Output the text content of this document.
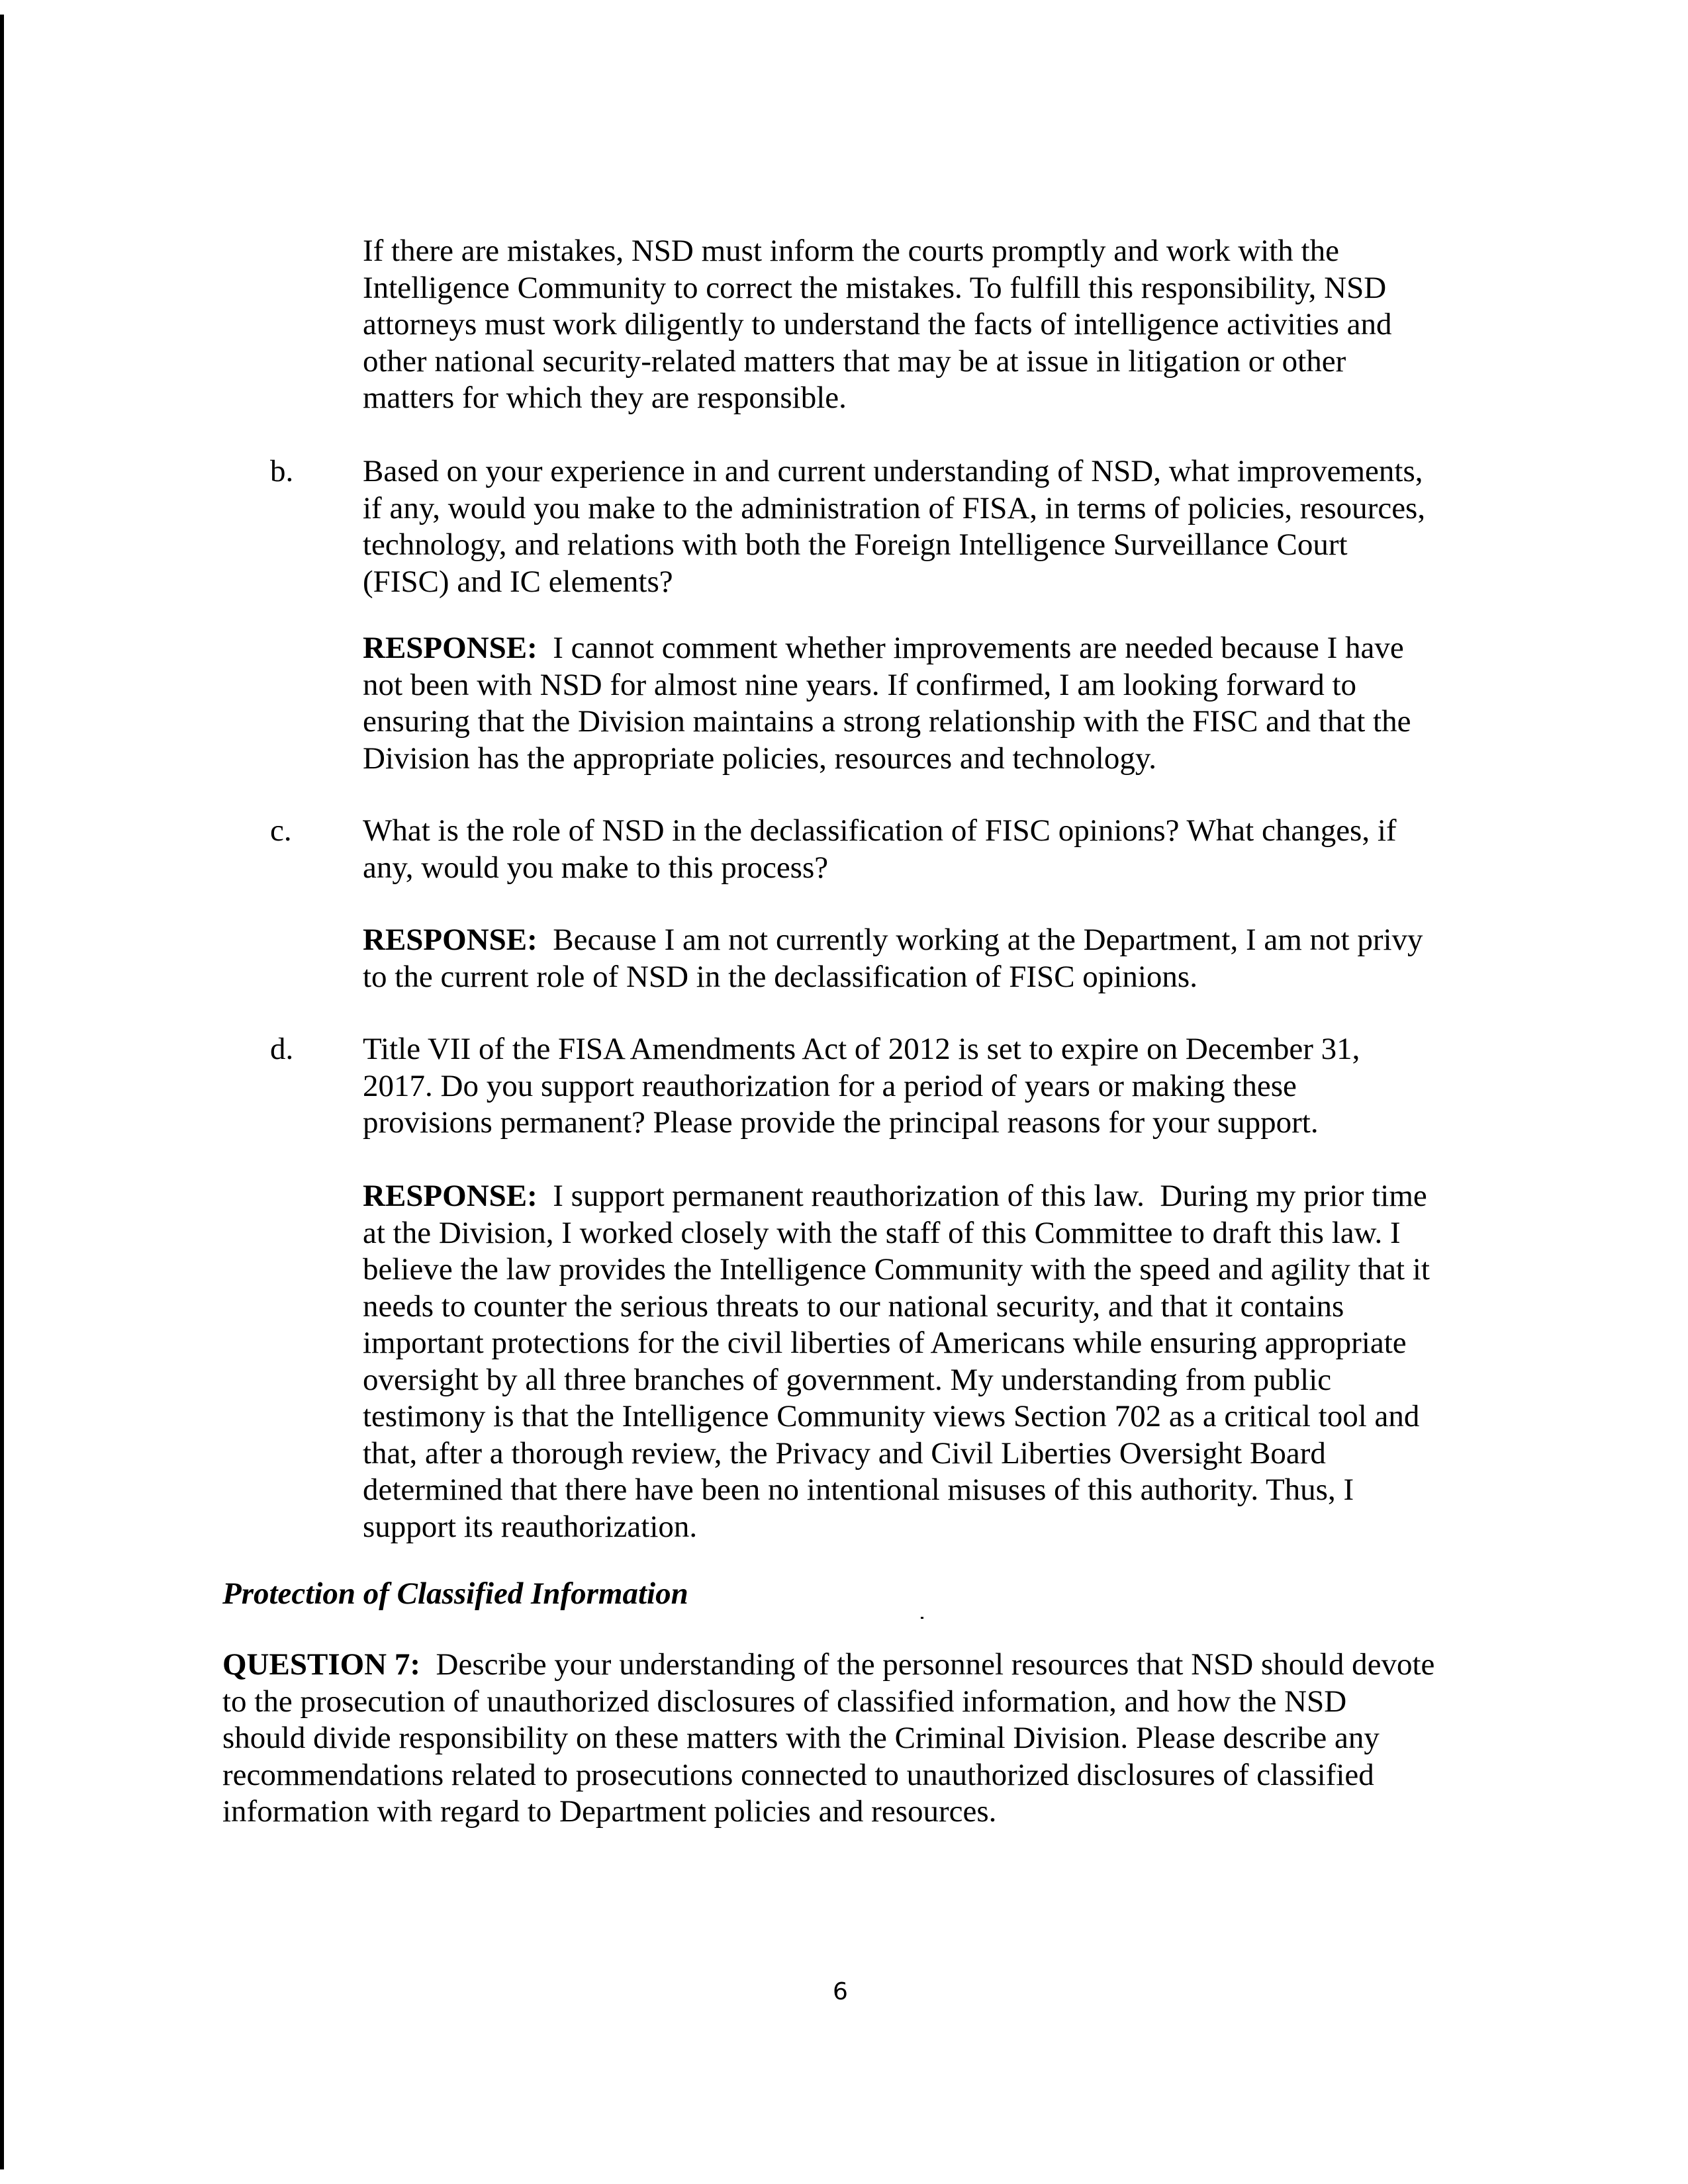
If there are mistakes, NSD must inform the courts promptly and work with the
Intelligence Community to correct the mistakes. To fulfill this responsibility, NSD
attorneys must work diligently to understand the facts of intelligence activities and
other national security-related matters that may be at issue in litigation or other
matters for which they are responsible.
b. Based on your experience in and current understanding of NSD, what improvements,
if any, would you make to the administration of FISA, in terms of policies, resources,
technology, and relations with both the Foreign Intelligence Surveillance Court
(FISC) and IC elements?
RESPONSE:  I cannot comment whether improvements are needed because I have
not been with NSD for almost nine years. If confirmed, I am looking forward to
ensuring that the Division maintains a strong relationship with the FISC and that the
Division has the appropriate policies, resources and technology.
c. What is the role of NSD in the declassification of FISC opinions? What changes, if
any, would you make to this process?
RESPONSE:  Because I am not currently working at the Department, I am not privy
to the current role of NSD in the declassification of FISC opinions.
d. Title VII of the FISA Amendments Act of 2012 is set to expire on December 31,
2017. Do you support reauthorization for a period of years or making these
provisions permanent? Please provide the principal reasons for your support.
RESPONSE:  I support permanent reauthorization of this law.  During my prior time
at the Division, I worked closely with the staff of this Committee to draft this law. I
believe the law provides the Intelligence Community with the speed and agility that it
needs to counter the serious threats to our national security, and that it contains
important protections for the civil liberties of Americans while ensuring appropriate
oversight by all three branches of government. My understanding from public
testimony is that the Intelligence Community views Section 702 as a critical tool and
that, after a thorough review, the Privacy and Civil Liberties Oversight Board
determined that there have been no intentional misuses of this authority. Thus, I
support its reauthorization.
Protection of Classified Information
QUESTION 7:  Describe your understanding of the personnel resources that NSD should devote
to the prosecution of unauthorized disclosures of classified information, and how the NSD
should divide responsibility on these matters with the Criminal Division. Please describe any
recommendations related to prosecutions connected to unauthorized disclosures of classified
information with regard to Department policies and resources.
6
